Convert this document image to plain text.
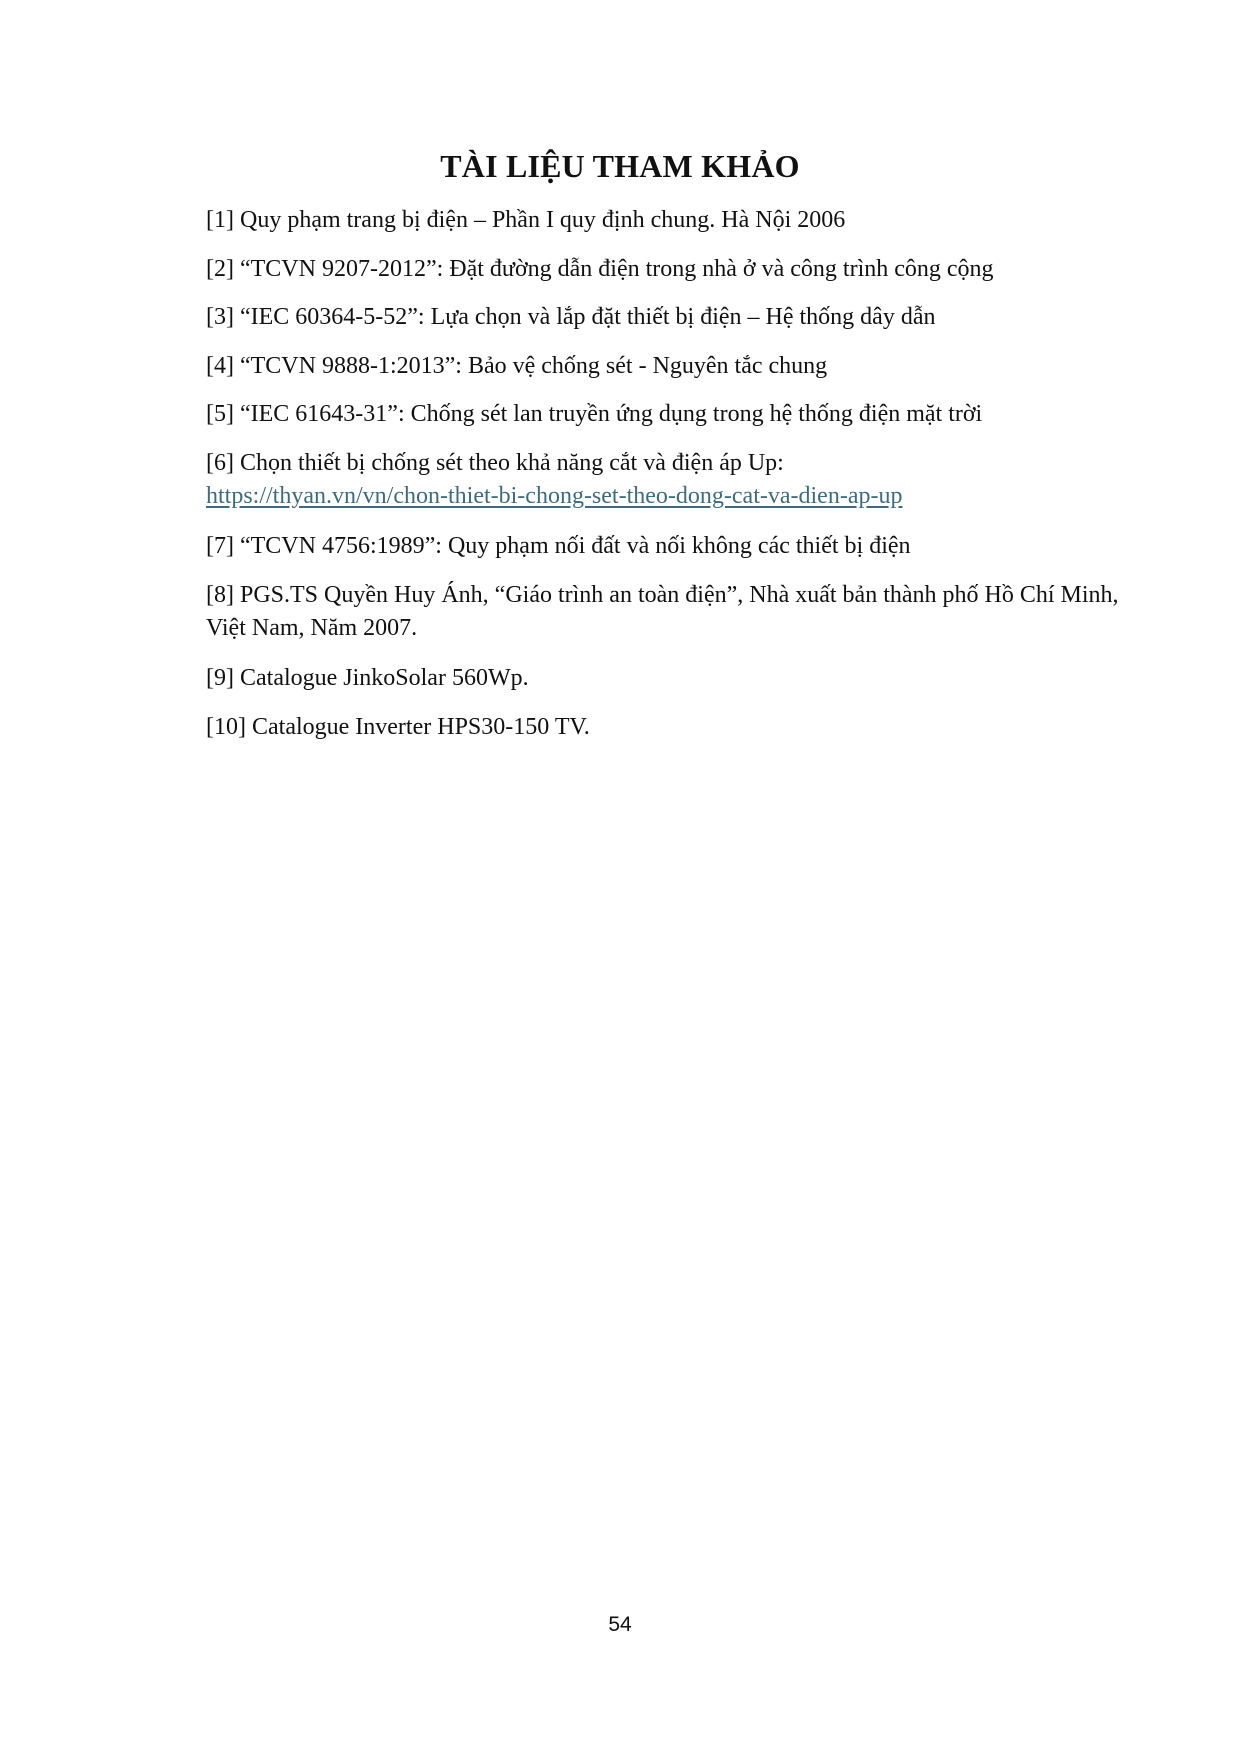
TÀI LIỆU THAM KHẢO

[1] Quy phạm trang bị điện – Phần I quy định chung. Hà Nội 2006

[2] “TCVN 9207-2012”: Đặt đường dẫn điện trong nhà ở và công trình công cộng

[3] “IEC 60364-5-52”: Lựa chọn và lắp đặt thiết bị điện – Hệ thống dây dẫn

[4] “TCVN 9888-1:2013”: Bảo vệ chống sét - Nguyên tắc chung

[5] “IEC 61643-31”: Chống sét lan truyền ứng dụng trong hệ thống điện mặt trời

[6] Chọn thiết bị chống sét theo khả năng cắt và điện áp Up:
https://thyan.vn/vn/chon-thiet-bi-chong-set-theo-dong-cat-va-dien-ap-up

[7] “TCVN 4756:1989”: Quy phạm nối đất và nối không các thiết bị điện

[8] PGS.TS Quyền Huy Ánh, “Giáo trình an toàn điện”, Nhà xuất bản thành phố Hồ Chí Minh, Việt Nam, Năm 2007.

[9] Catalogue JinkoSolar 560Wp.

[10] Catalogue Inverter HPS30-150 TV.

54
